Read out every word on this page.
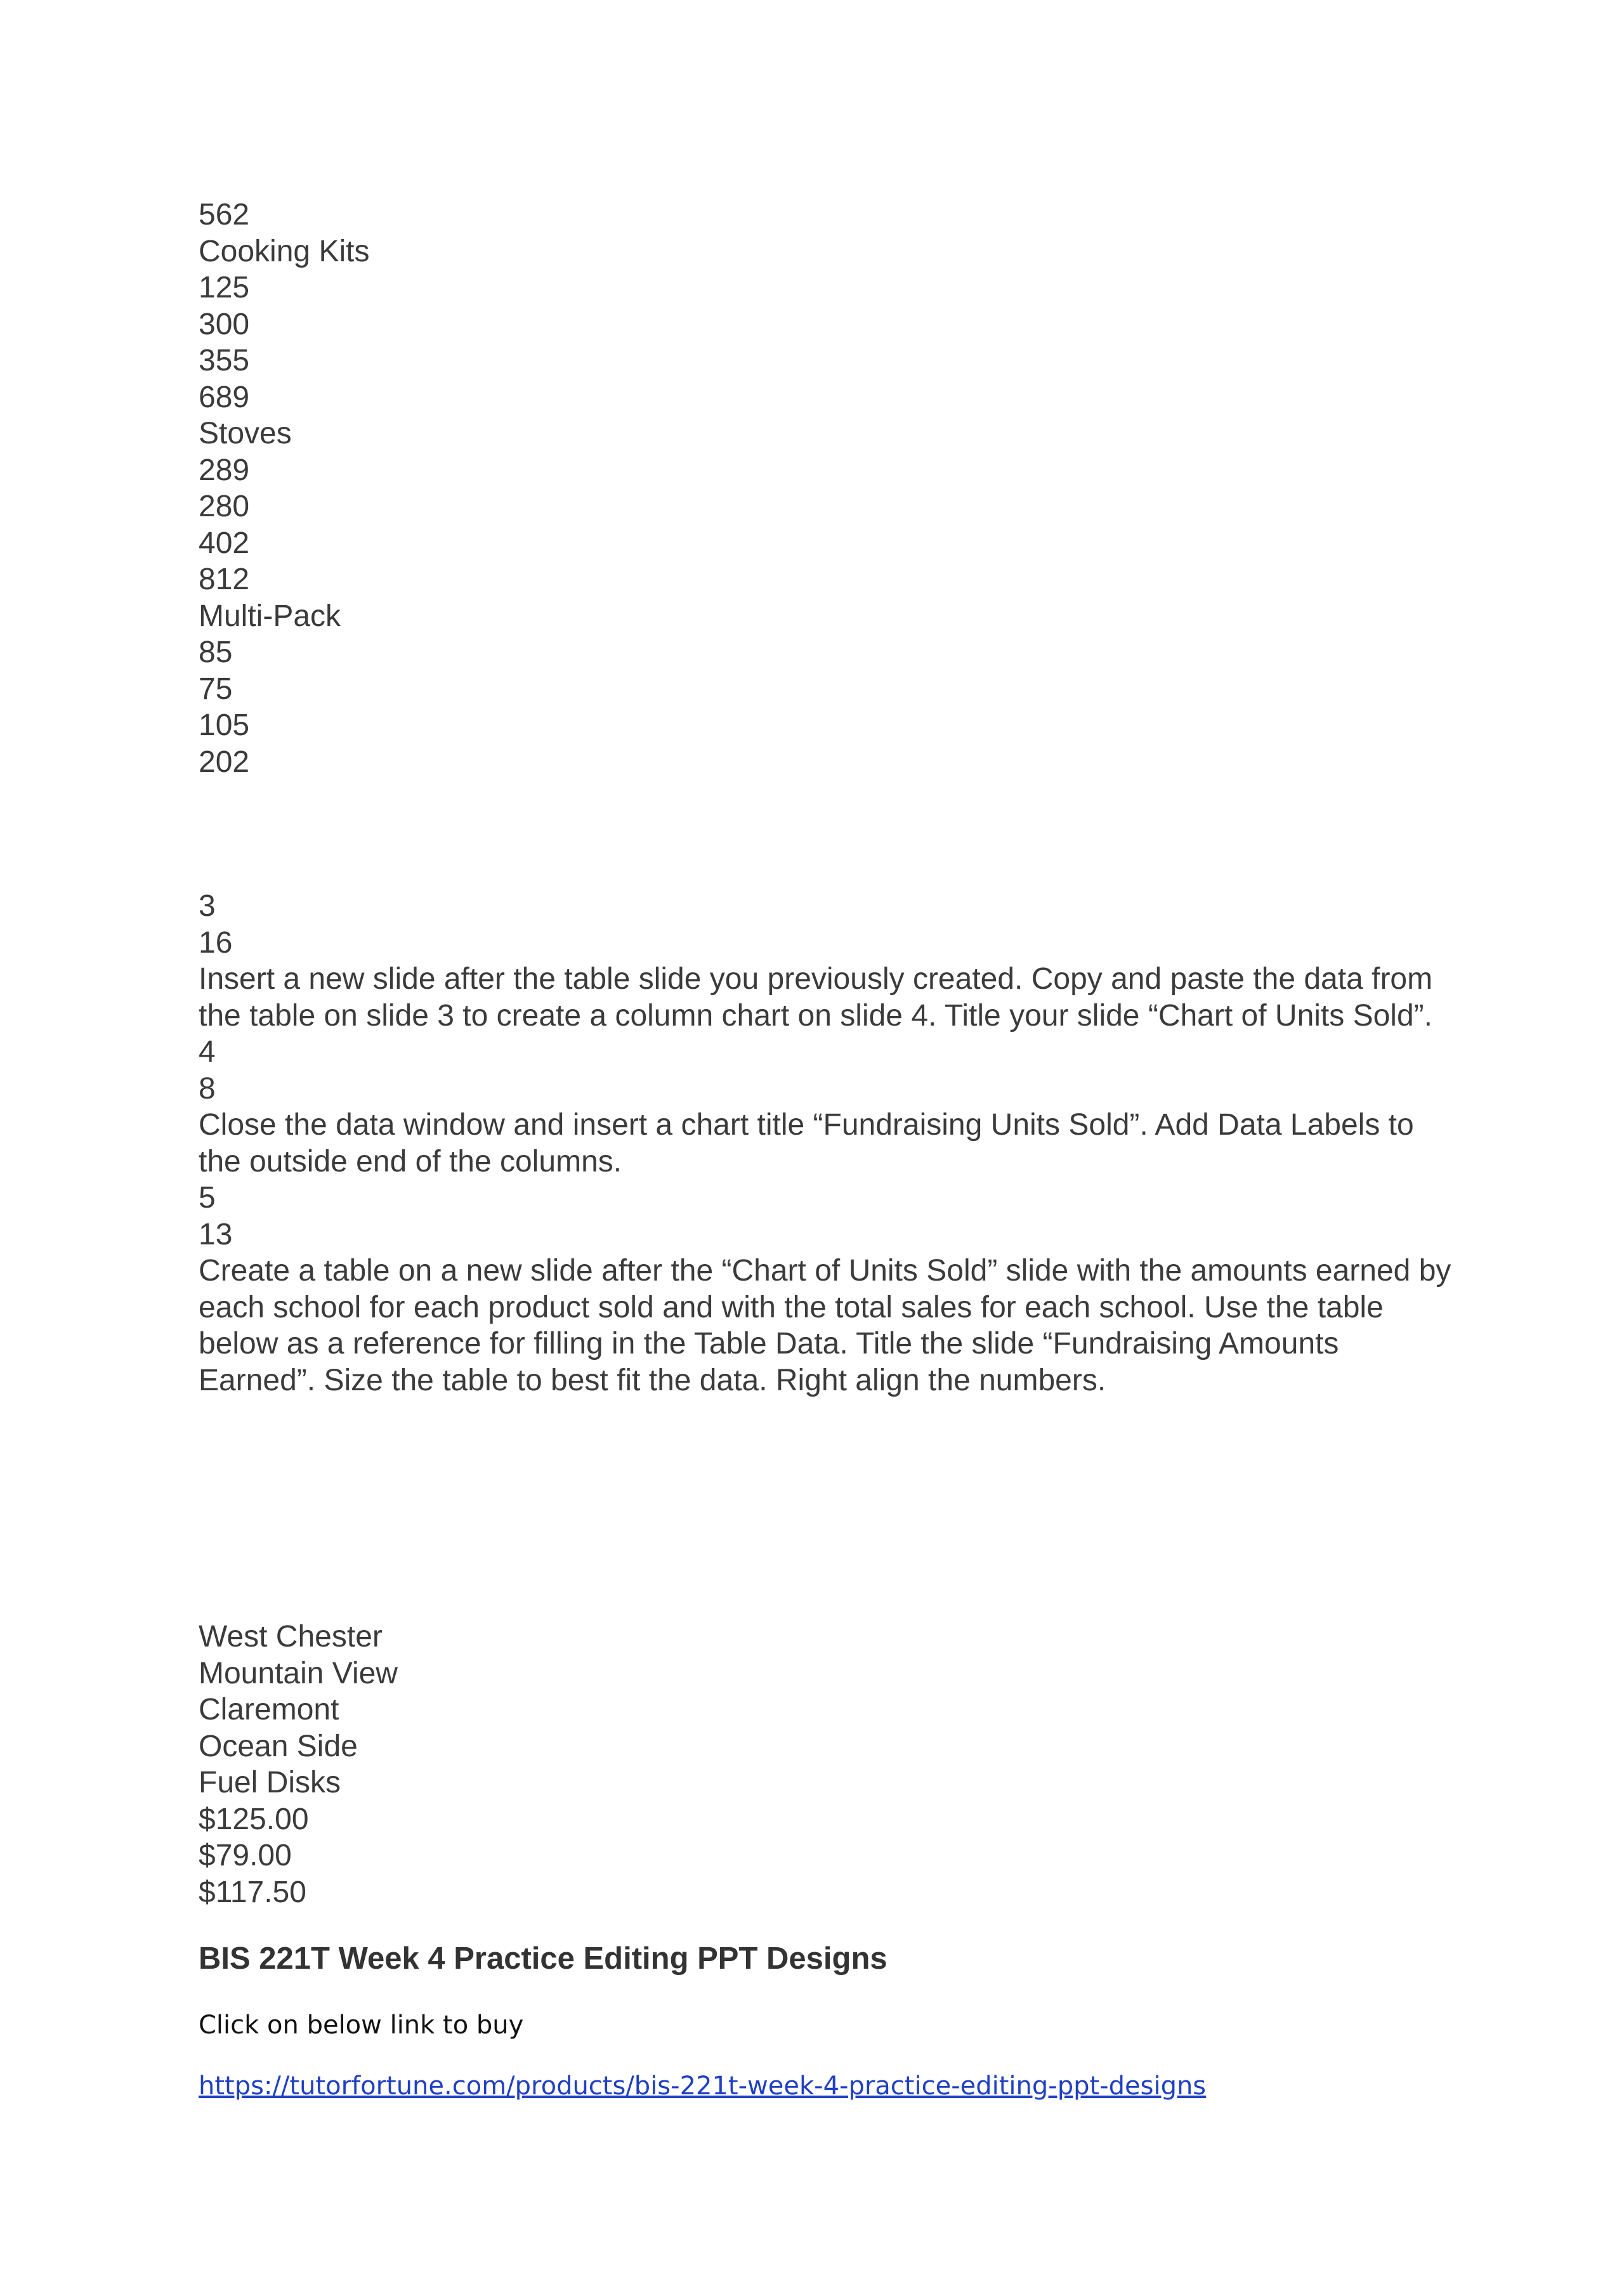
562
Cooking Kits
125
300
355
689
Stoves
289
280
402
812
Multi-Pack
85
75
105
202
3
16
Insert a new slide after the table slide you previously created. Copy and paste the data from the table on slide 3 to create a column chart on slide 4. Title your slide “Chart of Units Sold”.
4
8
Close the data window and insert a chart title “Fundraising Units Sold”. Add Data Labels to the outside end of the columns.
5
13
Create a table on a new slide after the “Chart of Units Sold” slide with the amounts earned by each school for each product sold and with the total sales for each school. Use the table below as a reference for filling in the Table Data. Title the slide “Fundraising Amounts Earned”. Size the table to best fit the data. Right align the numbers.
West Chester
Mountain View
Claremont
Ocean Side
Fuel Disks
$125.00
$79.00
$117.50
BIS 221T Week 4 Practice Editing PPT Designs
Click on below link to buy
https://tutorfortune.com/products/bis-221t-week-4-practice-editing-ppt-designs
